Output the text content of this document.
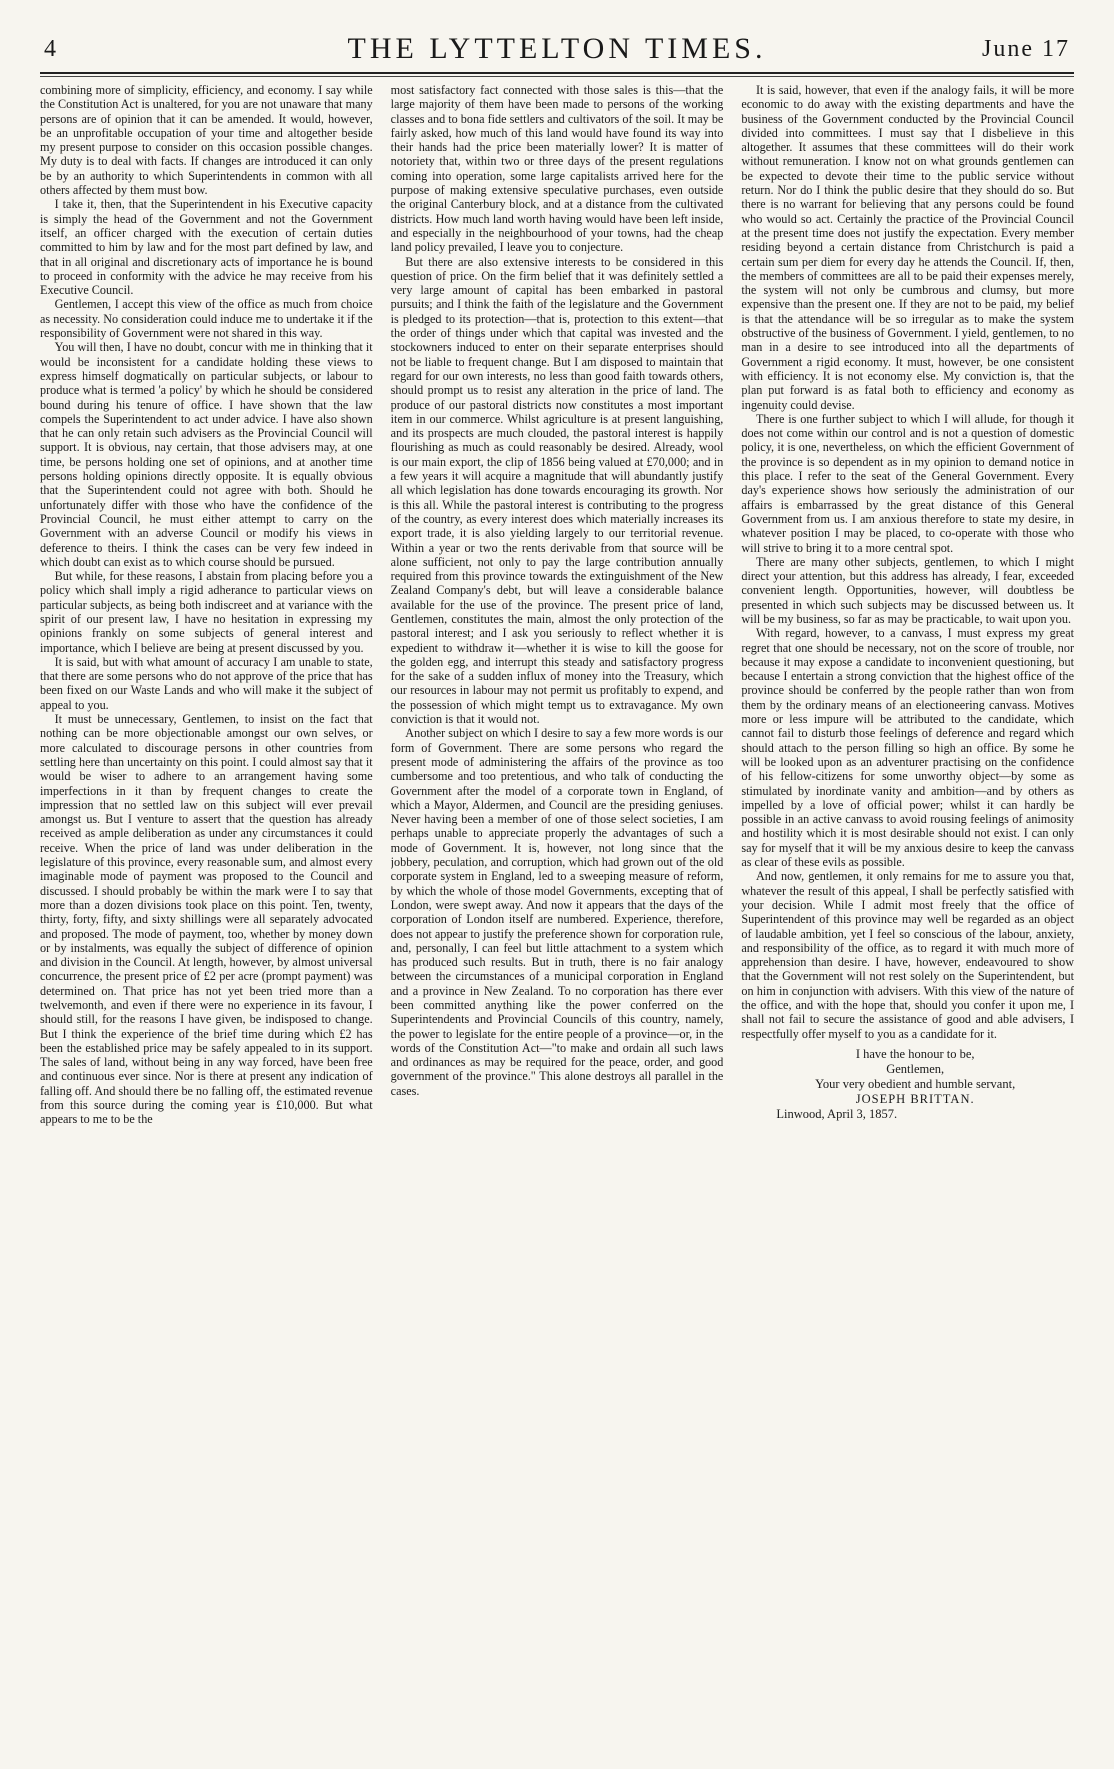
4	THE LYTTELTON TIMES.	June 17

combining more of simplicity, efficiency, and economy. I say while the Constitution Act is unaltered, for you are not unaware that many persons are of opinion that it can be amended. It would, however, be an unprofitable occupation of your time and altogether beside my present purpose to consider on this occasion possible changes. My duty is to deal with facts. If changes are introduced it can only be by an authority to which Superintendents in common with all others affected by them must bow.

I take it, then, that the Superintendent in his Executive capacity is simply the head of the Government and not the Government itself, an officer charged with the execution of certain duties committed to him by law and for the most part defined by law, and that in all original and discretionary acts of importance he is bound to proceed in conformity with the advice he may receive from his Executive Council.

Gentlemen, I accept this view of the office as much from choice as necessity. No consideration could induce me to undertake it if the responsibility of Government were not shared in this way.

You will then, I have no doubt, concur with me in thinking that it would be inconsistent for a candidate holding these views to express himself dogmatically on particular subjects, or labour to produce what is termed 'a policy' by which he should be considered bound during his tenure of office. I have shown that the law compels the Superintendent to act under advice. I have also shown that he can only retain such advisers as the Provincial Council will support. It is obvious, nay certain, that those advisers may, at one time, be persons holding one set of opinions, and at another time persons holding opinions directly opposite. It is equally obvious that the Superintendent could not agree with both. Should he unfortunately differ with those who have the confidence of the Provincial Council, he must either attempt to carry on the Government with an adverse Council or modify his views in deference to theirs. I think the cases can be very few indeed in which doubt can exist as to which course should be pursued.

But while, for these reasons, I abstain from placing before you a policy which shall imply a rigid adherance to particular views on particular subjects, as being both indiscreet and at variance with the spirit of our present law, I have no hesitation in expressing my opinions frankly on some subjects of general interest and importance, which I believe are being at present discussed by you.

It is said, but with what amount of accuracy I am unable to state, that there are some persons who do not approve of the price that has been fixed on our Waste Lands and who will make it the subject of appeal to you.

It must be unnecessary, Gentlemen, to insist on the fact that nothing can be more objectionable amongst our own selves, or more calculated to discourage persons in other countries from settling here than uncertainty on this point. I could almost say that it would be wiser to adhere to an arrangement having some imperfections in it than by frequent changes to create the impression that no settled law on this subject will ever prevail amongst us. But I venture to assert that the question has already received as ample deliberation as under any circumstances it could receive. When the price of land was under deliberation in the legislature of this province, every reasonable sum, and almost every imaginable mode of payment was proposed to the Council and discussed. I should probably be within the mark were I to say that more than a dozen divisions took place on this point. Ten, twenty, thirty, forty, fifty, and sixty shillings were all separately advocated and proposed. The mode of payment, too, whether by money down or by instalments, was equally the subject of difference of opinion and division in the Council. At length, however, by almost universal concurrence, the present price of £2 per acre (prompt payment) was determined on. That price has not yet been tried more than a twelvemonth, and even if there were no experience in its favour, I should still, for the reasons I have given, be indisposed to change. But I think the experience of the brief time during which £2 has been the established price may be safely appealed to in its support. The sales of land, without being in any way forced, have been free and continuous ever since. Nor is there at present any indication of falling off. And should there be no falling off, the estimated revenue from this source during the coming year is £10,000. But what appears to me to be the

most satisfactory fact connected with those sales is this—that the large majority of them have been made to persons of the working classes and to bona fide settlers and cultivators of the soil. It may be fairly asked, how much of this land would have found its way into their hands had the price been materially lower? It is matter of notoriety that, within two or three days of the present regulations coming into operation, some large capitalists arrived here for the purpose of making extensive speculative purchases, even outside the original Canterbury block, and at a distance from the cultivated districts. How much land worth having would have been left inside, and especially in the neighbourhood of your towns, had the cheap land policy prevailed, I leave you to conjecture.

But there are also extensive interests to be considered in this question of price. On the firm belief that it was definitely settled a very large amount of capital has been embarked in pastoral pursuits; and I think the faith of the legislature and the Government is pledged to its protection—that is, protection to this extent—that the order of things under which that capital was invested and the stockowners induced to enter on their separate enterprises should not be liable to frequent change. But I am disposed to maintain that regard for our own interests, no less than good faith towards others, should prompt us to resist any alteration in the price of land. The produce of our pastoral districts now constitutes a most important item in our commerce. Whilst agriculture is at present languishing, and its prospects are much clouded, the pastoral interest is happily flourishing as much as could reasonably be desired. Already, wool is our main export, the clip of 1856 being valued at £70,000; and in a few years it will acquire a magnitude that will abundantly justify all which legislation has done towards encouraging its growth. Nor is this all. While the pastoral interest is contributing to the progress of the country, as every interest does which materially increases its export trade, it is also yielding largely to our territorial revenue. Within a year or two the rents derivable from that source will be alone sufficient, not only to pay the large contribution annually required from this province towards the extinguishment of the New Zealand Company's debt, but will leave a considerable balance available for the use of the province. The present price of land, Gentlemen, constitutes the main, almost the only protection of the pastoral interest; and I ask you seriously to reflect whether it is expedient to withdraw it—whether it is wise to kill the goose for the golden egg, and interrupt this steady and satisfactory progress for the sake of a sudden influx of money into the Treasury, which our resources in labour may not permit us profitably to expend, and the possession of which might tempt us to extravagance. My own conviction is that it would not.

Another subject on which I desire to say a few more words is our form of Government. There are some persons who regard the present mode of administering the affairs of the province as too cumbersome and too pretentious, and who talk of conducting the Government after the model of a corporate town in England, of which a Mayor, Aldermen, and Council are the presiding geniuses. Never having been a member of one of those select societies, I am perhaps unable to appreciate properly the advantages of such a mode of Government. It is, however, not long since that the jobbery, peculation, and corruption, which had grown out of the old corporate system in England, led to a sweeping measure of reform, by which the whole of those model Governments, excepting that of London, were swept away. And now it appears that the days of the corporation of London itself are numbered. Experience, therefore, does not appear to justify the preference shown for corporation rule, and, personally, I can feel but little attachment to a system which has produced such results. But in truth, there is no fair analogy between the circumstances of a municipal corporation in England and a province in New Zealand. To no corporation has there ever been committed anything like the power conferred on the Superintendents and Provincial Councils of this country, namely, the power to legislate for the entire people of a province—or, in the words of the Constitution Act—"to make and ordain all such laws and ordinances as may be required for the peace, order, and good government of the province." This alone destroys all parallel in the cases.

It is said, however, that even if the analogy fails, it will be more economic to do away with the existing departments and have the business of the Government conducted by the Provincial Council divided into committees. I must say that I disbelieve in this altogether. It assumes that these committees will do their work without remuneration. I know not on what grounds gentlemen can be expected to devote their time to the public service without return. Nor do I think the public desire that they should do so. But there is no warrant for believing that any persons could be found who would so act. Certainly the practice of the Provincial Council at the present time does not justify the expectation. Every member residing beyond a certain distance from Christchurch is paid a certain sum per diem for every day he attends the Council. If, then, the members of committees are all to be paid their expenses merely, the system will not only be cumbrous and clumsy, but more expensive than the present one. If they are not to be paid, my belief is that the attendance will be so irregular as to make the system obstructive of the business of Government. I yield, gentlemen, to no man in a desire to see introduced into all the departments of Government a rigid economy. It must, however, be one consistent with efficiency. It is not economy else. My conviction is, that the plan put forward is as fatal both to efficiency and economy as ingenuity could devise.

There is one further subject to which I will allude, for though it does not come within our control and is not a question of domestic policy, it is one, nevertheless, on which the efficient Government of the province is so dependent as in my opinion to demand notice in this place. I refer to the seat of the General Government. Every day's experience shows how seriously the administration of our affairs is embarrassed by the great distance of this General Government from us. I am anxious therefore to state my desire, in whatever position I may be placed, to co-operate with those who will strive to bring it to a more central spot.

There are many other subjects, gentlemen, to which I might direct your attention, but this address has already, I fear, exceeded convenient length. Opportunities, however, will doubtless be presented in which such subjects may be discussed between us. It will be my business, so far as may be practicable, to wait upon you.

With regard, however, to a canvass, I must express my great regret that one should be necessary, not on the score of trouble, nor because it may expose a candidate to inconvenient questioning, but because I entertain a strong conviction that the highest office of the province should be conferred by the people rather than won from them by the ordinary means of an electioneering canvass. Motives more or less impure will be attributed to the candidate, which cannot fail to disturb those feelings of deference and regard which should attach to the person filling so high an office. By some he will be looked upon as an adventurer practising on the confidence of his fellow-citizens for some unworthy object—by some as stimulated by inordinate vanity and ambition—and by others as impelled by a love of official power; whilst it can hardly be possible in an active canvass to avoid rousing feelings of animosity and hostility which it is most desirable should not exist. I can only say for myself that it will be my anxious desire to keep the canvass as clear of these evils as possible.

And now, gentlemen, it only remains for me to assure you that, whatever the result of this appeal, I shall be perfectly satisfied with your decision. While I admit most freely that the office of Superintendent of this province may well be regarded as an object of laudable ambition, yet I feel so conscious of the labour, anxiety, and responsibility of the office, as to regard it with much more of apprehension than desire. I have, however, endeavoured to show that the Government will not rest solely on the Superintendent, but on him in conjunction with advisers. With this view of the nature of the office, and with the hope that, should you confer it upon me, I shall not fail to secure the assistance of good and able advisers, I respectfully offer myself to you as a candidate for it.

I have the honour to be,

Gentlemen,

Your very obedient and humble servant,

JOSEPH BRITTAN.

Linwood, April 3, 1857.
